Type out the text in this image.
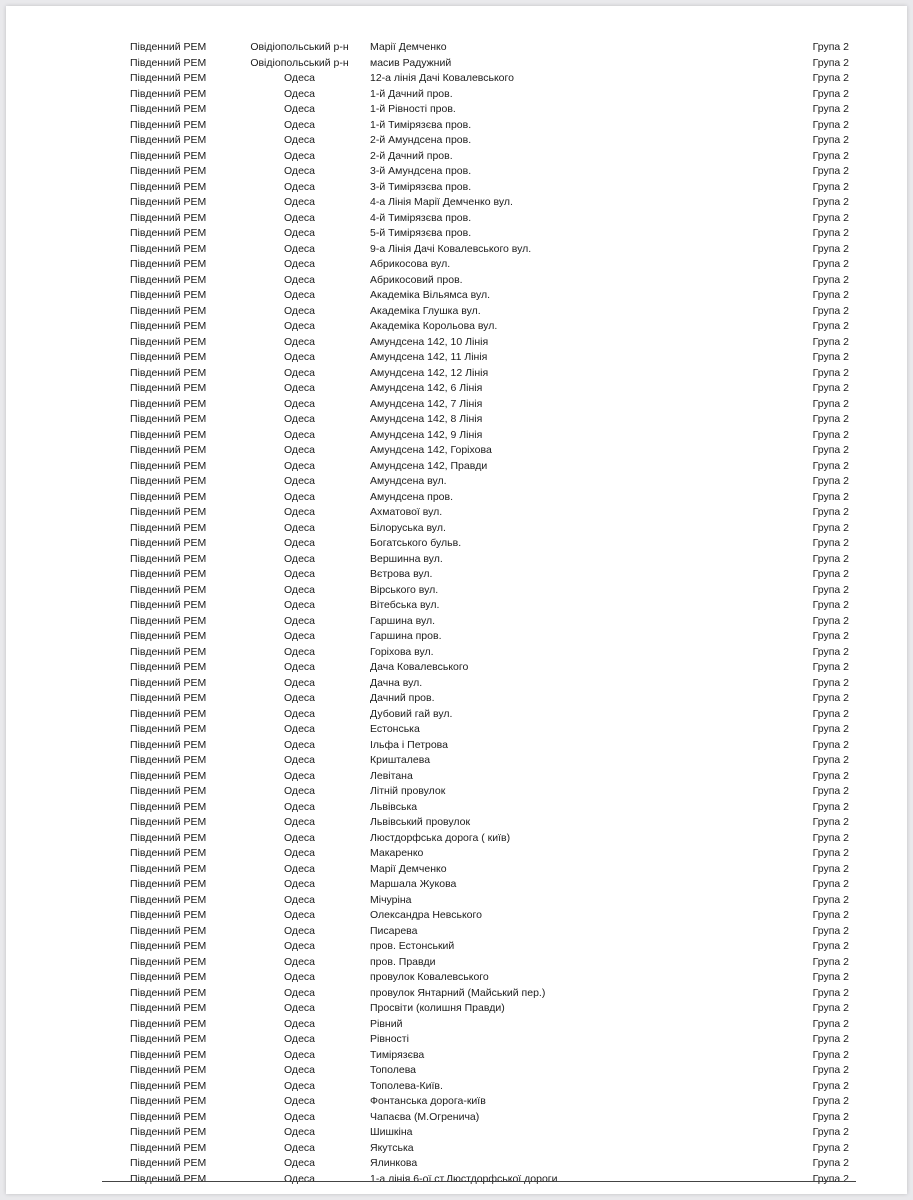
Південний РЕМ	Овідіопольський р-н	Марії Демченко	Група 2
Південний РЕМ	Овідіопольський р-н	масив Радужний	Група 2
Південний РЕМ	Одеса	12-а лінія Дачі Ковалевського	Група 2
Південний РЕМ	Одеса	1-й Дачний пров.	Група 2
Південний РЕМ	Одеса	1-й Рівності пров.	Група 2
Південний РЕМ	Одеса	1-й Тимірязєва пров.	Група 2
Південний РЕМ	Одеса	2-й Амундсена пров.	Група 2
Південний РЕМ	Одеса	2-й Дачний пров.	Група 2
Південний РЕМ	Одеса	3-й Амундсена пров.	Група 2
Південний РЕМ	Одеса	3-й Тимірязєва пров.	Група 2
Південний РЕМ	Одеса	4-а Лінія Марії Демченко вул.	Група 2
Південний РЕМ	Одеса	4-й Тимірязєва пров.	Група 2
Південний РЕМ	Одеса	5-й Тимірязєва пров.	Група 2
Південний РЕМ	Одеса	9-а Лінія Дачі Ковалевського вул.	Група 2
Південний РЕМ	Одеса	Абрикосова вул.	Група 2
Південний РЕМ	Одеса	Абрикосовий пров.	Група 2
Південний РЕМ	Одеса	Академіка Вільямса вул.	Група 2
Південний РЕМ	Одеса	Академіка Глушка вул.	Група 2
Південний РЕМ	Одеса	Академіка Корольова вул.	Група 2
Південний РЕМ	Одеса	Амундсена 142, 10 Лінія	Група 2
Південний РЕМ	Одеса	Амундсена 142, 11 Лінія	Група 2
Південний РЕМ	Одеса	Амундсена 142, 12 Лінія	Група 2
Південний РЕМ	Одеса	Амундсена 142, 6 Лінія	Група 2
Південний РЕМ	Одеса	Амундсена 142, 7 Лінія	Група 2
Південний РЕМ	Одеса	Амундсена 142, 8 Лінія	Група 2
Південний РЕМ	Одеса	Амундсена 142, 9 Лінія	Група 2
Південний РЕМ	Одеса	Амундсена 142, Горіхова	Група 2
Південний РЕМ	Одеса	Амундсена 142, Правди	Група 2
Південний РЕМ	Одеса	Амундсена вул.	Група 2
Південний РЕМ	Одеса	Амундсена пров.	Група 2
Південний РЕМ	Одеса	Ахматової вул.	Група 2
Південний РЕМ	Одеса	Білоруська вул.	Група 2
Південний РЕМ	Одеса	Богатського бульв.	Група 2
Південний РЕМ	Одеса	Вершинна вул.	Група 2
Південний РЕМ	Одеса	Вєтрова вул.	Група 2
Південний РЕМ	Одеса	Вірського вул.	Група 2
Південний РЕМ	Одеса	Вітебська вул.	Група 2
Південний РЕМ	Одеса	Гаршина вул.	Група 2
Південний РЕМ	Одеса	Гаршина пров.	Група 2
Південний РЕМ	Одеса	Горіхова вул.	Група 2
Південний РЕМ	Одеса	Дача Ковалевського	Група 2
Південний РЕМ	Одеса	Дачна вул.	Група 2
Південний РЕМ	Одеса	Дачний пров.	Група 2
Південний РЕМ	Одеса	Дубовий гай вул.	Група 2
Південний РЕМ	Одеса	Естонська	Група 2
Південний РЕМ	Одеса	Ільфа і Петрова	Група 2
Південний РЕМ	Одеса	Кришталева	Група 2
Південний РЕМ	Одеса	Левітана	Група 2
Південний РЕМ	Одеса	Літній провулок	Група 2
Південний РЕМ	Одеса	Львівська	Група 2
Південний РЕМ	Одеса	Львівський провулок	Група 2
Південний РЕМ	Одеса	Люстдорфська дорога ( київ)	Група 2
Південний РЕМ	Одеса	Макаренко	Група 2
Південний РЕМ	Одеса	Марії Демченко	Група 2
Південний РЕМ	Одеса	Маршала Жукова	Група 2
Південний РЕМ	Одеса	Мічуріна	Група 2
Південний РЕМ	Одеса	Олександра Невського	Група 2
Південний РЕМ	Одеса	Писарева	Група 2
Південний РЕМ	Одеса	пров. Естонський	Група 2
Південний РЕМ	Одеса	пров. Правди	Група 2
Південний РЕМ	Одеса	провулок Ковалевського	Група 2
Південний РЕМ	Одеса	провулок Янтарний (Майський пер.)	Група 2
Південний РЕМ	Одеса	Просвіти (колишня Правди)	Група 2
Південний РЕМ	Одеса	Рівний	Група 2
Південний РЕМ	Одеса	Рівності	Група 2
Південний РЕМ	Одеса	Тимірязєва	Група 2
Південний РЕМ	Одеса	Тополева	Група 2
Південний РЕМ	Одеса	Тополева-Київ.	Група 2
Південний РЕМ	Одеса	Фонтанська дорога-київ	Група 2
Південний РЕМ	Одеса	Чапаєва (М.Огренича)	Група 2
Південний РЕМ	Одеса	Шишкіна	Група 2
Південний РЕМ	Одеса	Якутська	Група 2
Південний РЕМ	Одеса	Ялинкова	Група 2
Південний РЕМ	Одеса	1-а лінія 6-ої ст.Люстдорфської дороги	Група 2
